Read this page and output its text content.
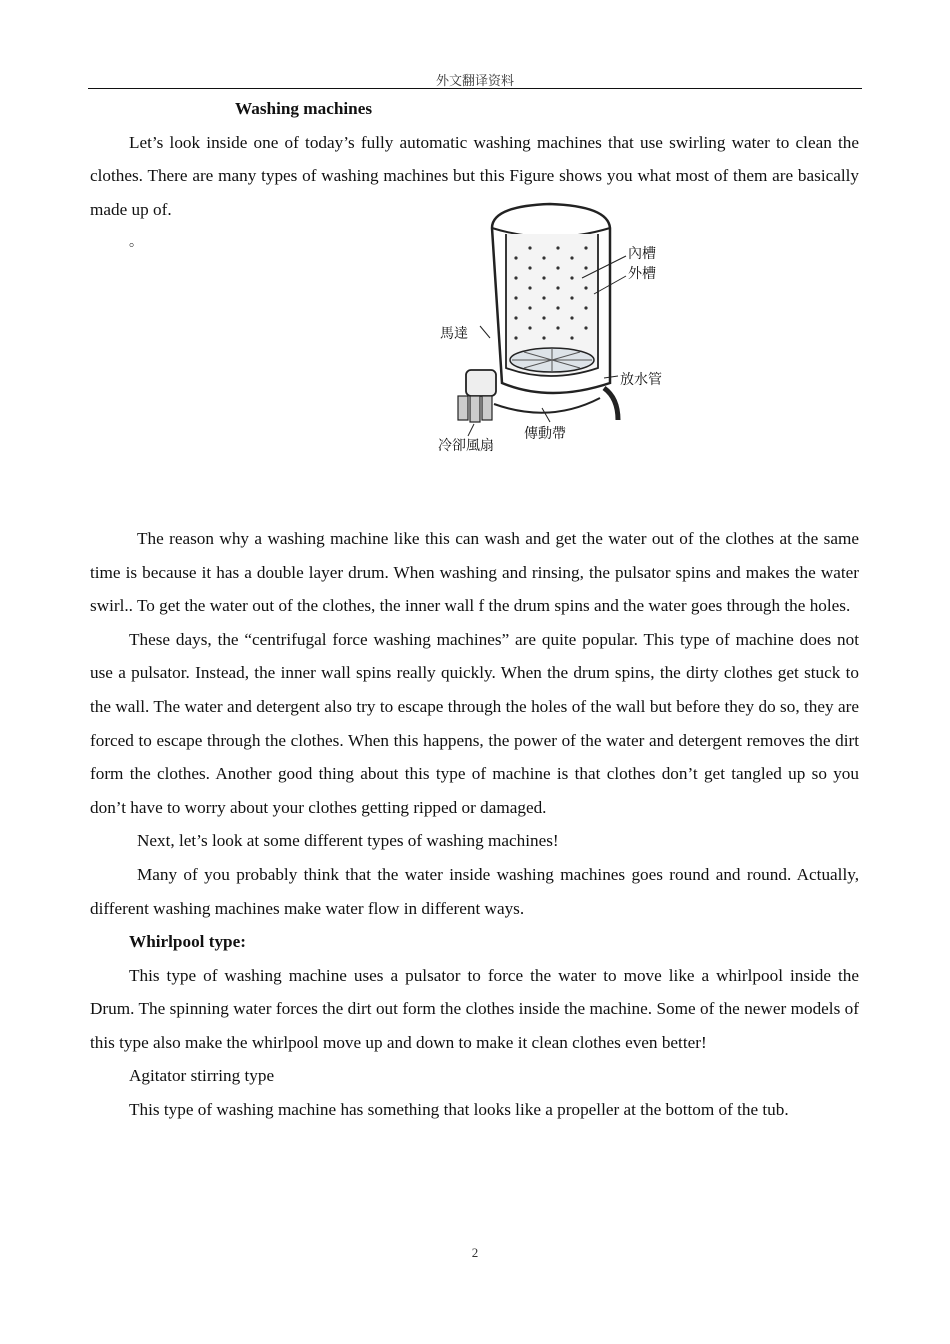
外文翻译资料

Washing machines

Let’s look inside one of today’s fully automatic washing machines that use swirling water to clean the clothes. There are many types of washing machines but this Figure shows you what most of them are basically made up of.

。

The reason why a washing machine like this can wash and get the water out of the clothes at the same time is because it has a double layer drum. When washing and rinsing, the pulsator spins and makes the water swirl.. To get the water out of the clothes, the inner wall f the drum spins and the water goes through the holes.

These days, the “centrifugal force washing machines” are quite popular. This type of machine does not use a pulsator. Instead, the inner wall spins really quickly. When the drum spins, the dirty clothes get stuck to the wall. The water and detergent also try to escape through the holes of the wall but before they do so, they are forced to escape through the clothes. When this happens, the power of the water and detergent removes the dirt form the clothes. Another good thing about this type of machine is that clothes don’t get tangled up so you don’t have to worry about your clothes getting ripped or damaged.

Next, let’s look at some different types of washing machines!

Many of you probably think that the water inside washing machines goes round and round. Actually, different washing machines make water flow in different ways.

Whirlpool type:

This type of washing machine uses a pulsator to force the water to move like a whirlpool inside the Drum. The spinning water forces the dirt out form the clothes inside the machine. Some of the newer models of this type also make the whirlpool move up and down to make it clean clothes even better!

Agitator stirring type

This type of washing machine has something that looks like a propeller at the bottom of the tub.

內槽
外槽
馬達
放水管
傳動帶
冷卻風扇
2
